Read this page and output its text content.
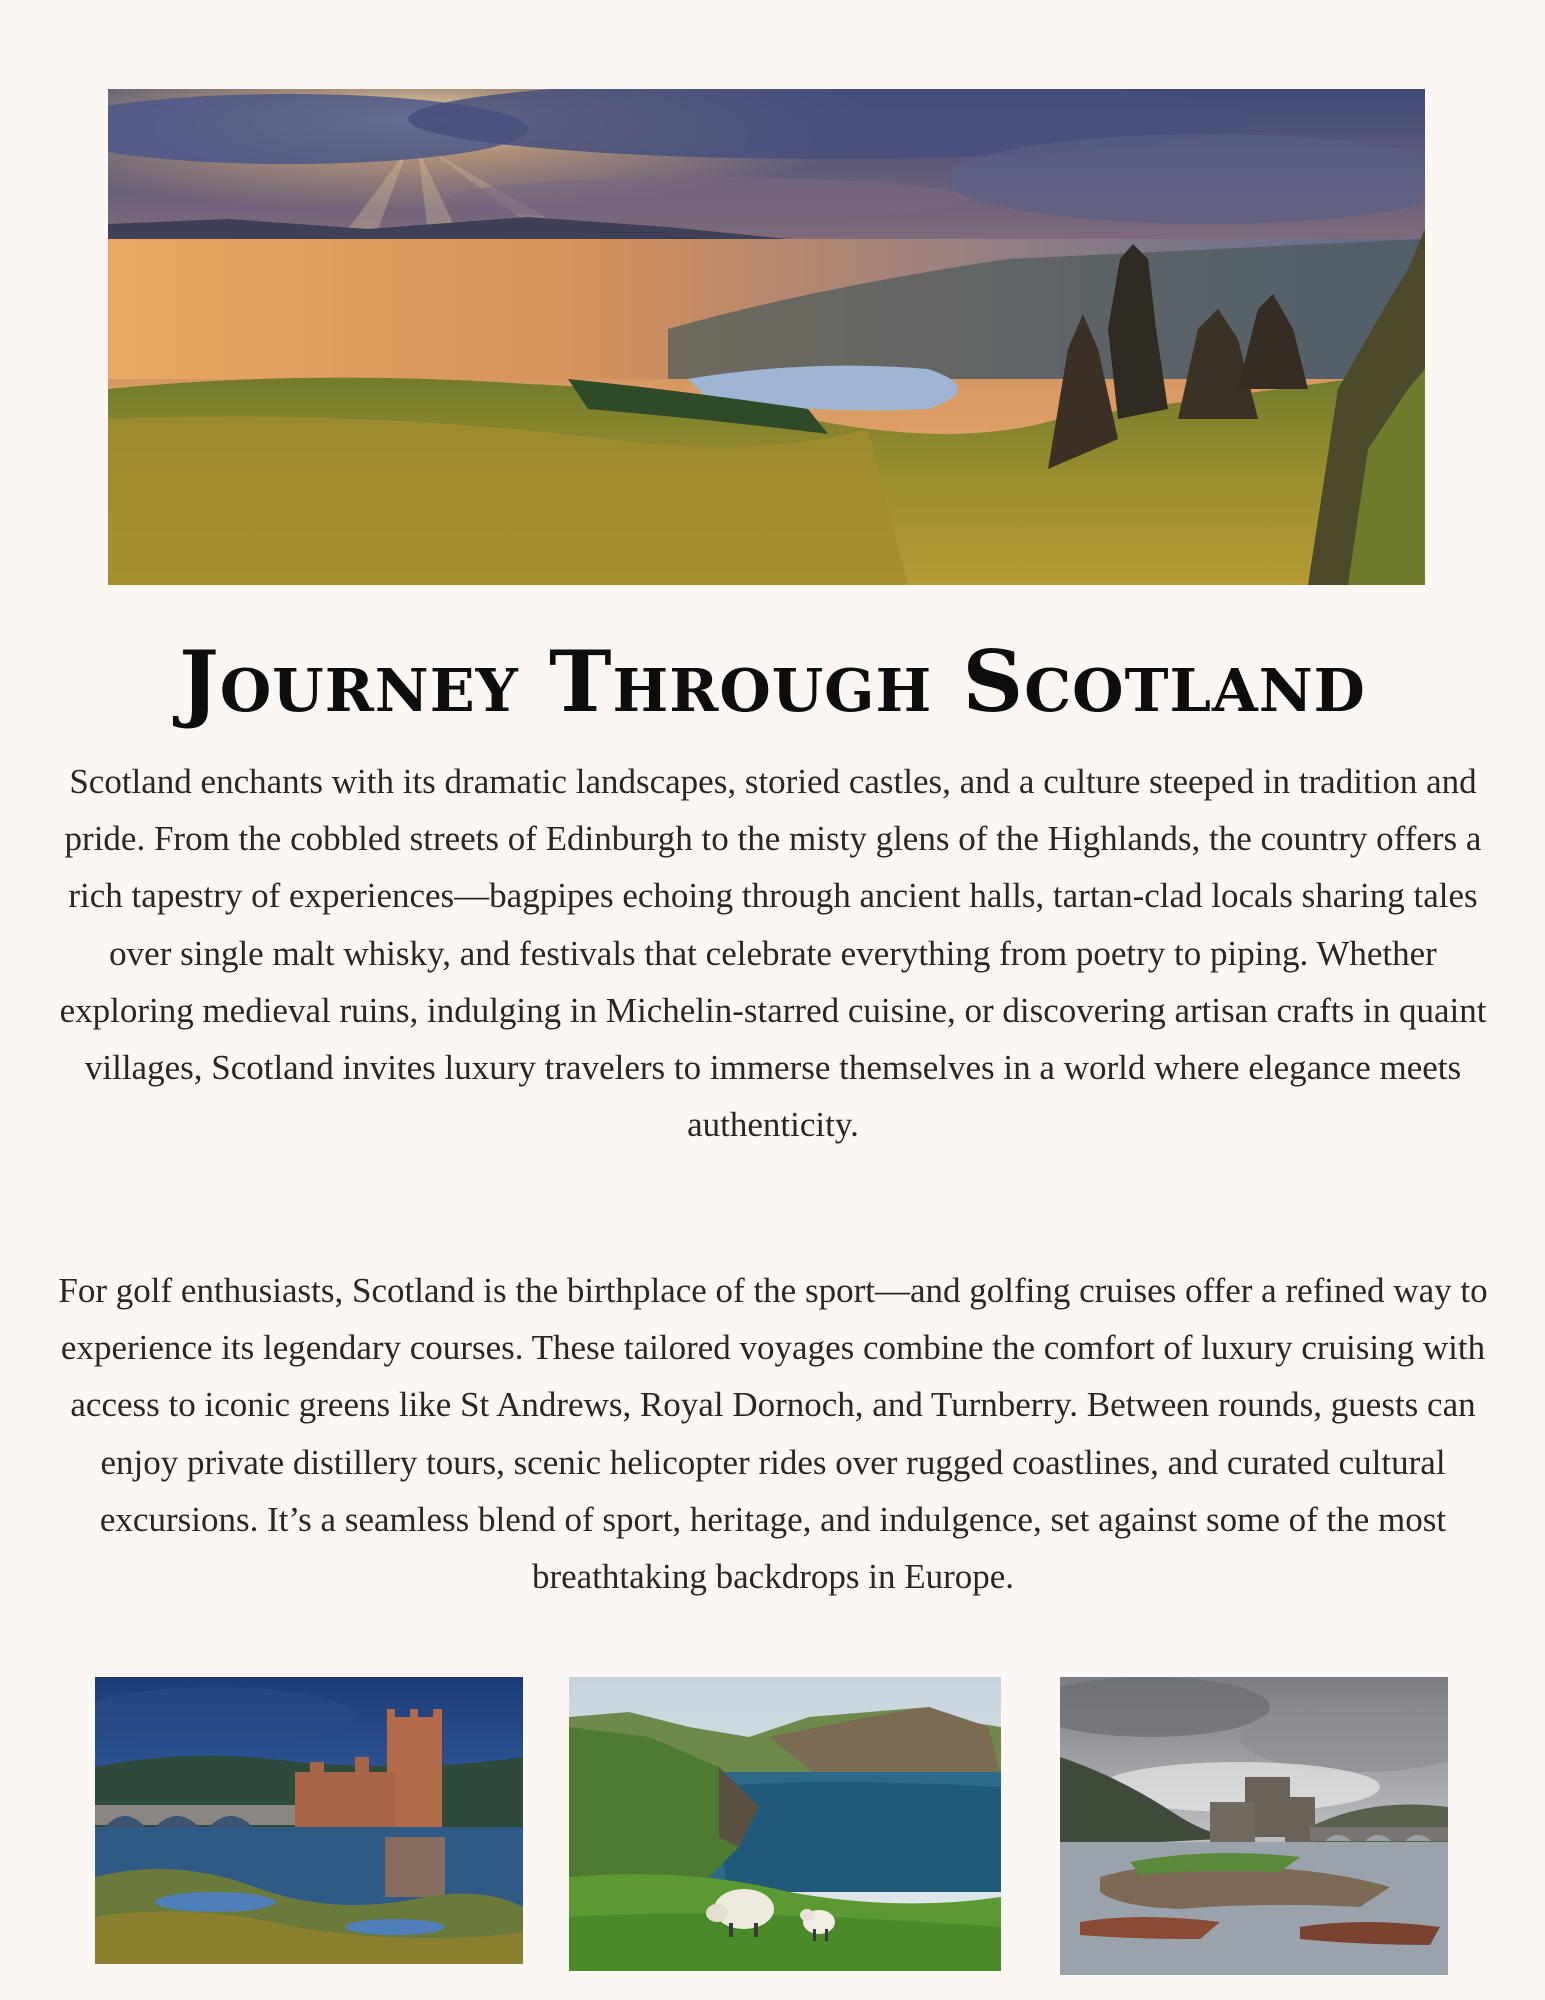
Journey Through Scotland

Scotland enchants with its dramatic landscapes, storied castles, and a culture steeped in tradition and pride. From the cobbled streets of Edinburgh to the misty glens of the Highlands, the country offers a rich tapestry of experiences—bagpipes echoing through ancient halls, tartan-clad locals sharing tales over single malt whisky, and festivals that celebrate everything from poetry to piping. Whether exploring medieval ruins, indulging in Michelin-starred cuisine, or discovering artisan crafts in quaint villages, Scotland invites luxury travelers to immerse themselves in a world where elegance meets authenticity.

For golf enthusiasts, Scotland is the birthplace of the sport—and golfing cruises offer a refined way to experience its legendary courses. These tailored voyages combine the comfort of luxury cruising with access to iconic greens like St Andrews, Royal Dornoch, and Turnberry. Between rounds, guests can enjoy private distillery tours, scenic helicopter rides over rugged coastlines, and curated cultural excursions. It’s a seamless blend of sport, heritage, and indulgence, set against some of the most breathtaking backdrops in Europe.
